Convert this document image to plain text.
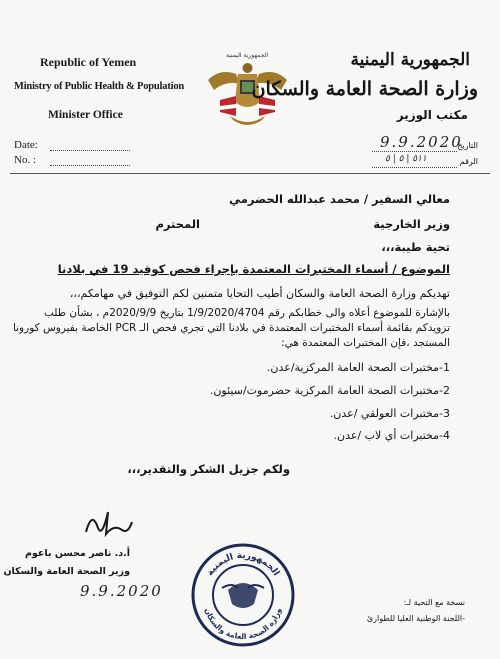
Republic of Yemen
Ministry of Public Health & Population
Minister Office
الجمهورية اليمنية	الجمهورية اليمنية
وزارة الصحة العامة والسكان
مكتب الوزير
Date:
No. :
9.9.2020
التاريخ
٥١١ | ٥ | ٥	الرقم
معالي السفير / محمد عبدالله الحضرمي
وزير الخارجية
المحترم
تحية طيبة،،،
الموضوع / أسماء المختبرات المعتمدة بإجراء فحص كوفيد 19 في بلادنا
تهديكم وزارة الصحة العامة والسكان أطيب التحايا متمنين لكم التوفيق في مهامكم،،،
بالإشارة للموضوع أعلاه والى خطابكم رقم 1/9/2020/4704 بتاريخ 2020/9/9م ، بشأن طلب
تزويدكم بقائمة أسماء المختبرات المعتمدة في بلادنا التي تجري فحص الـ PCR الخاصة بفيروس كورونا
المستجد ،فإن المختبرات المعتمدة هي:
1-مختبرات الصحة العامة المركزية/عدن.
2-مختبرات الصحة العامة المركزية حضرموت/سيئون.
3-مختبرات العولقي /عدن.
4-مختبرات أي لاب /عدن.
ولكم جزيل الشكر والتقدير،،،
أ.د. ناصر محسن باعوم
وزير الصحة العامة والسكان
9.9.2020
الجمهورية اليمنية
وزارة الصحة العامة والسكان
نسخة مع التحية لـ:
-اللجنة الوطنية العليا للطوارئ
